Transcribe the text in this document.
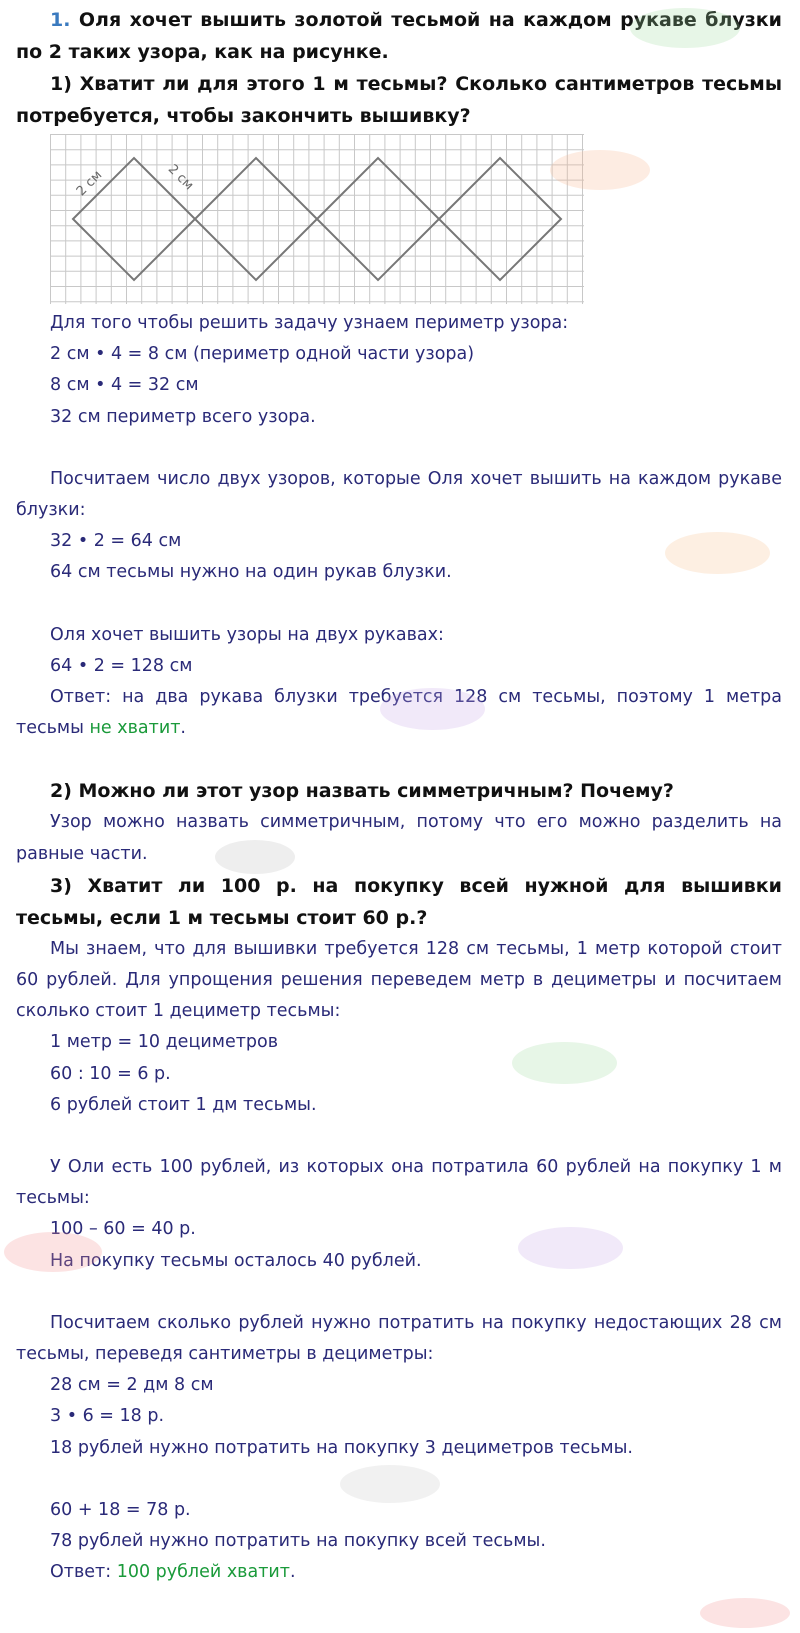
1. Оля хочет вышить золотой тесьмой на каждом рукаве блузки по 2 таких узора, как на рисунке.

1) Хватит ли для этого 1 м тесьмы? Сколько сантиметров тесьмы потребуется, чтобы закончить вышивку?

2 см	2 см

Для того чтобы решить задачу узнаем периметр узора:

2 см • 4 = 8 см (периметр одной части узора)

8 см • 4 = 32 см

32 см периметр всего узора.

Посчитаем число двух узоров, которые Оля хочет вышить на каждом рукаве блузки:

32 • 2 = 64 см

64 см тесьмы нужно на один рукав блузки.

Оля хочет вышить узоры на двух рукавах:

64 • 2 = 128 см

Ответ: на два рукава блузки требуется 128 см тесьмы, поэтому 1 метра тесьмы не хватит.

2) Можно ли этот узор назвать симметричным? Почему?

Узор можно назвать симметричным, потому что его можно разделить на равные части.

3) Хватит ли 100 р. на покупку всей нужной для вышивки тесьмы, если 1 м тесьмы стоит 60 р.?

Мы знаем, что для вышивки требуется 128 см тесьмы, 1 метр которой стоит 60 рублей. Для упрощения решения переведем метр в дециметры и посчитаем сколько стоит 1 дециметр тесьмы:

1 метр = 10 дециметров

60 : 10 = 6 р.

6 рублей стоит 1 дм тесьмы.

У Оли есть 100 рублей, из которых она потратила 60 рублей на покупку 1 м тесьмы:

100 – 60 = 40 р.

На покупку тесьмы осталось 40 рублей.

Посчитаем сколько рублей нужно потратить на покупку недостающих 28 см тесьмы, переведя сантиметры в дециметры:

28 см = 2 дм 8 см

3 • 6 = 18 р.

18 рублей нужно потратить на покупку 3 дециметров тесьмы.

60 + 18 = 78 р.

78 рублей нужно потратить на покупку всей тесьмы.

Ответ: 100 рублей хватит.
